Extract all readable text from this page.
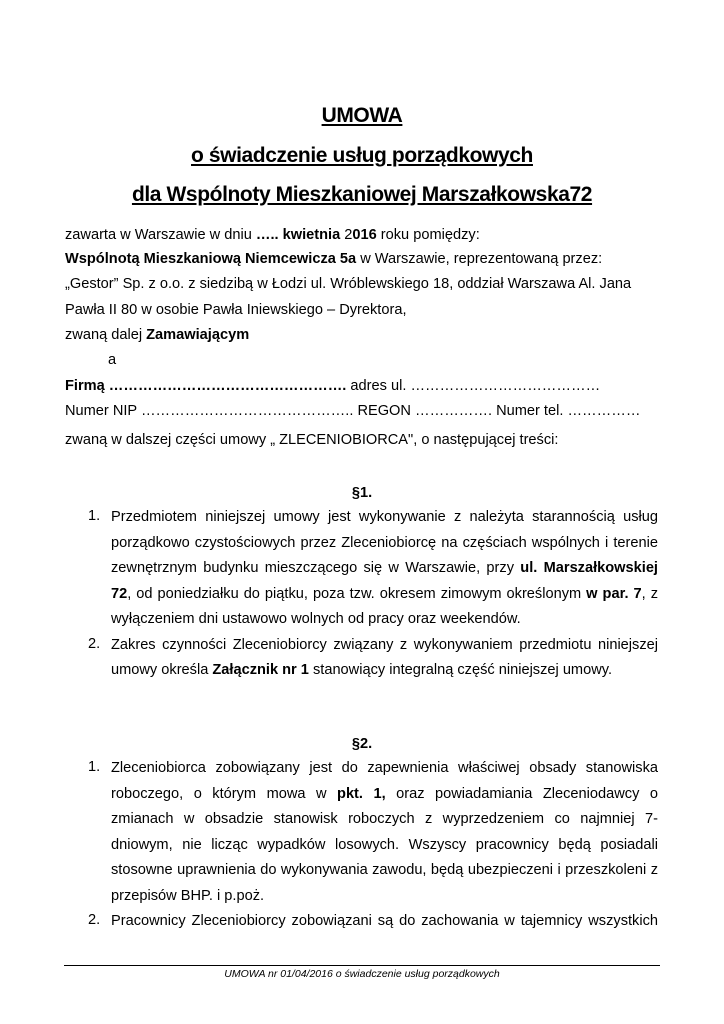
UMOWA
o świadczenie usług porządkowych
dla Wspólnoty Mieszkaniowej Marszałkowska72
zawarta w Warszawie w dniu ….. kwietnia 2016 roku pomiędzy:
Wspólnotą Mieszkaniową Niemcewicza 5a w Warszawie, reprezentowaną przez:
„Gestor” Sp. z o.o. z siedzibą w Łodzi ul. Wróblewskiego 18, oddział Warszawa Al. Jana
Pawła II 80 w osobie Pawła Iniewskiego – Dyrektora,
zwaną dalej Zamawiającym
a
Firmą …………………………………………. adres ul. …………………………………
Numer NIP …………………………………….. REGON ……………. Numer tel. ……………
zwaną w dalszej części umowy „ ZLECENIOBIORCA", o następującej treści:
§1.
1. Przedmiotem niniejszej umowy jest wykonywanie z należyta starannością usług porządkowo czystościowych przez Zleceniobiorcę na częściach wspólnych i terenie zewnętrznym budynku mieszczącego się w Warszawie, przy ul. Marszałkowskiej 72, od poniedziałku do piątku, poza tzw. okresem zimowym określonym w par. 7, z wyłączeniem dni ustawowo wolnych od pracy oraz weekendów.
2. Zakres czynności Zleceniobiorcy związany z wykonywaniem przedmiotu niniejszej umowy określa Załącznik nr 1 stanowiący integralną część niniejszej umowy.
§2.
1. Zleceniobiorca zobowiązany jest do zapewnienia właściwej obsady stanowiska roboczego, o którym mowa w pkt. 1, oraz powiadamiania Zleceniodawcy o zmianach w obsadzie stanowisk roboczych z wyprzedzeniem co najmniej 7-dniowym, nie licząc wypadków losowych. Wszyscy pracownicy będą posiadali stosowne uprawnienia do wykonywania zawodu, będą ubezpieczeni i przeszkoleni z przepisów BHP. i p.poż.
2. Pracownicy Zleceniobiorcy zobowiązani są do zachowania w tajemnicy wszystkich
UMOWA nr 01/04/2016 o świadczenie usług porządkowych
